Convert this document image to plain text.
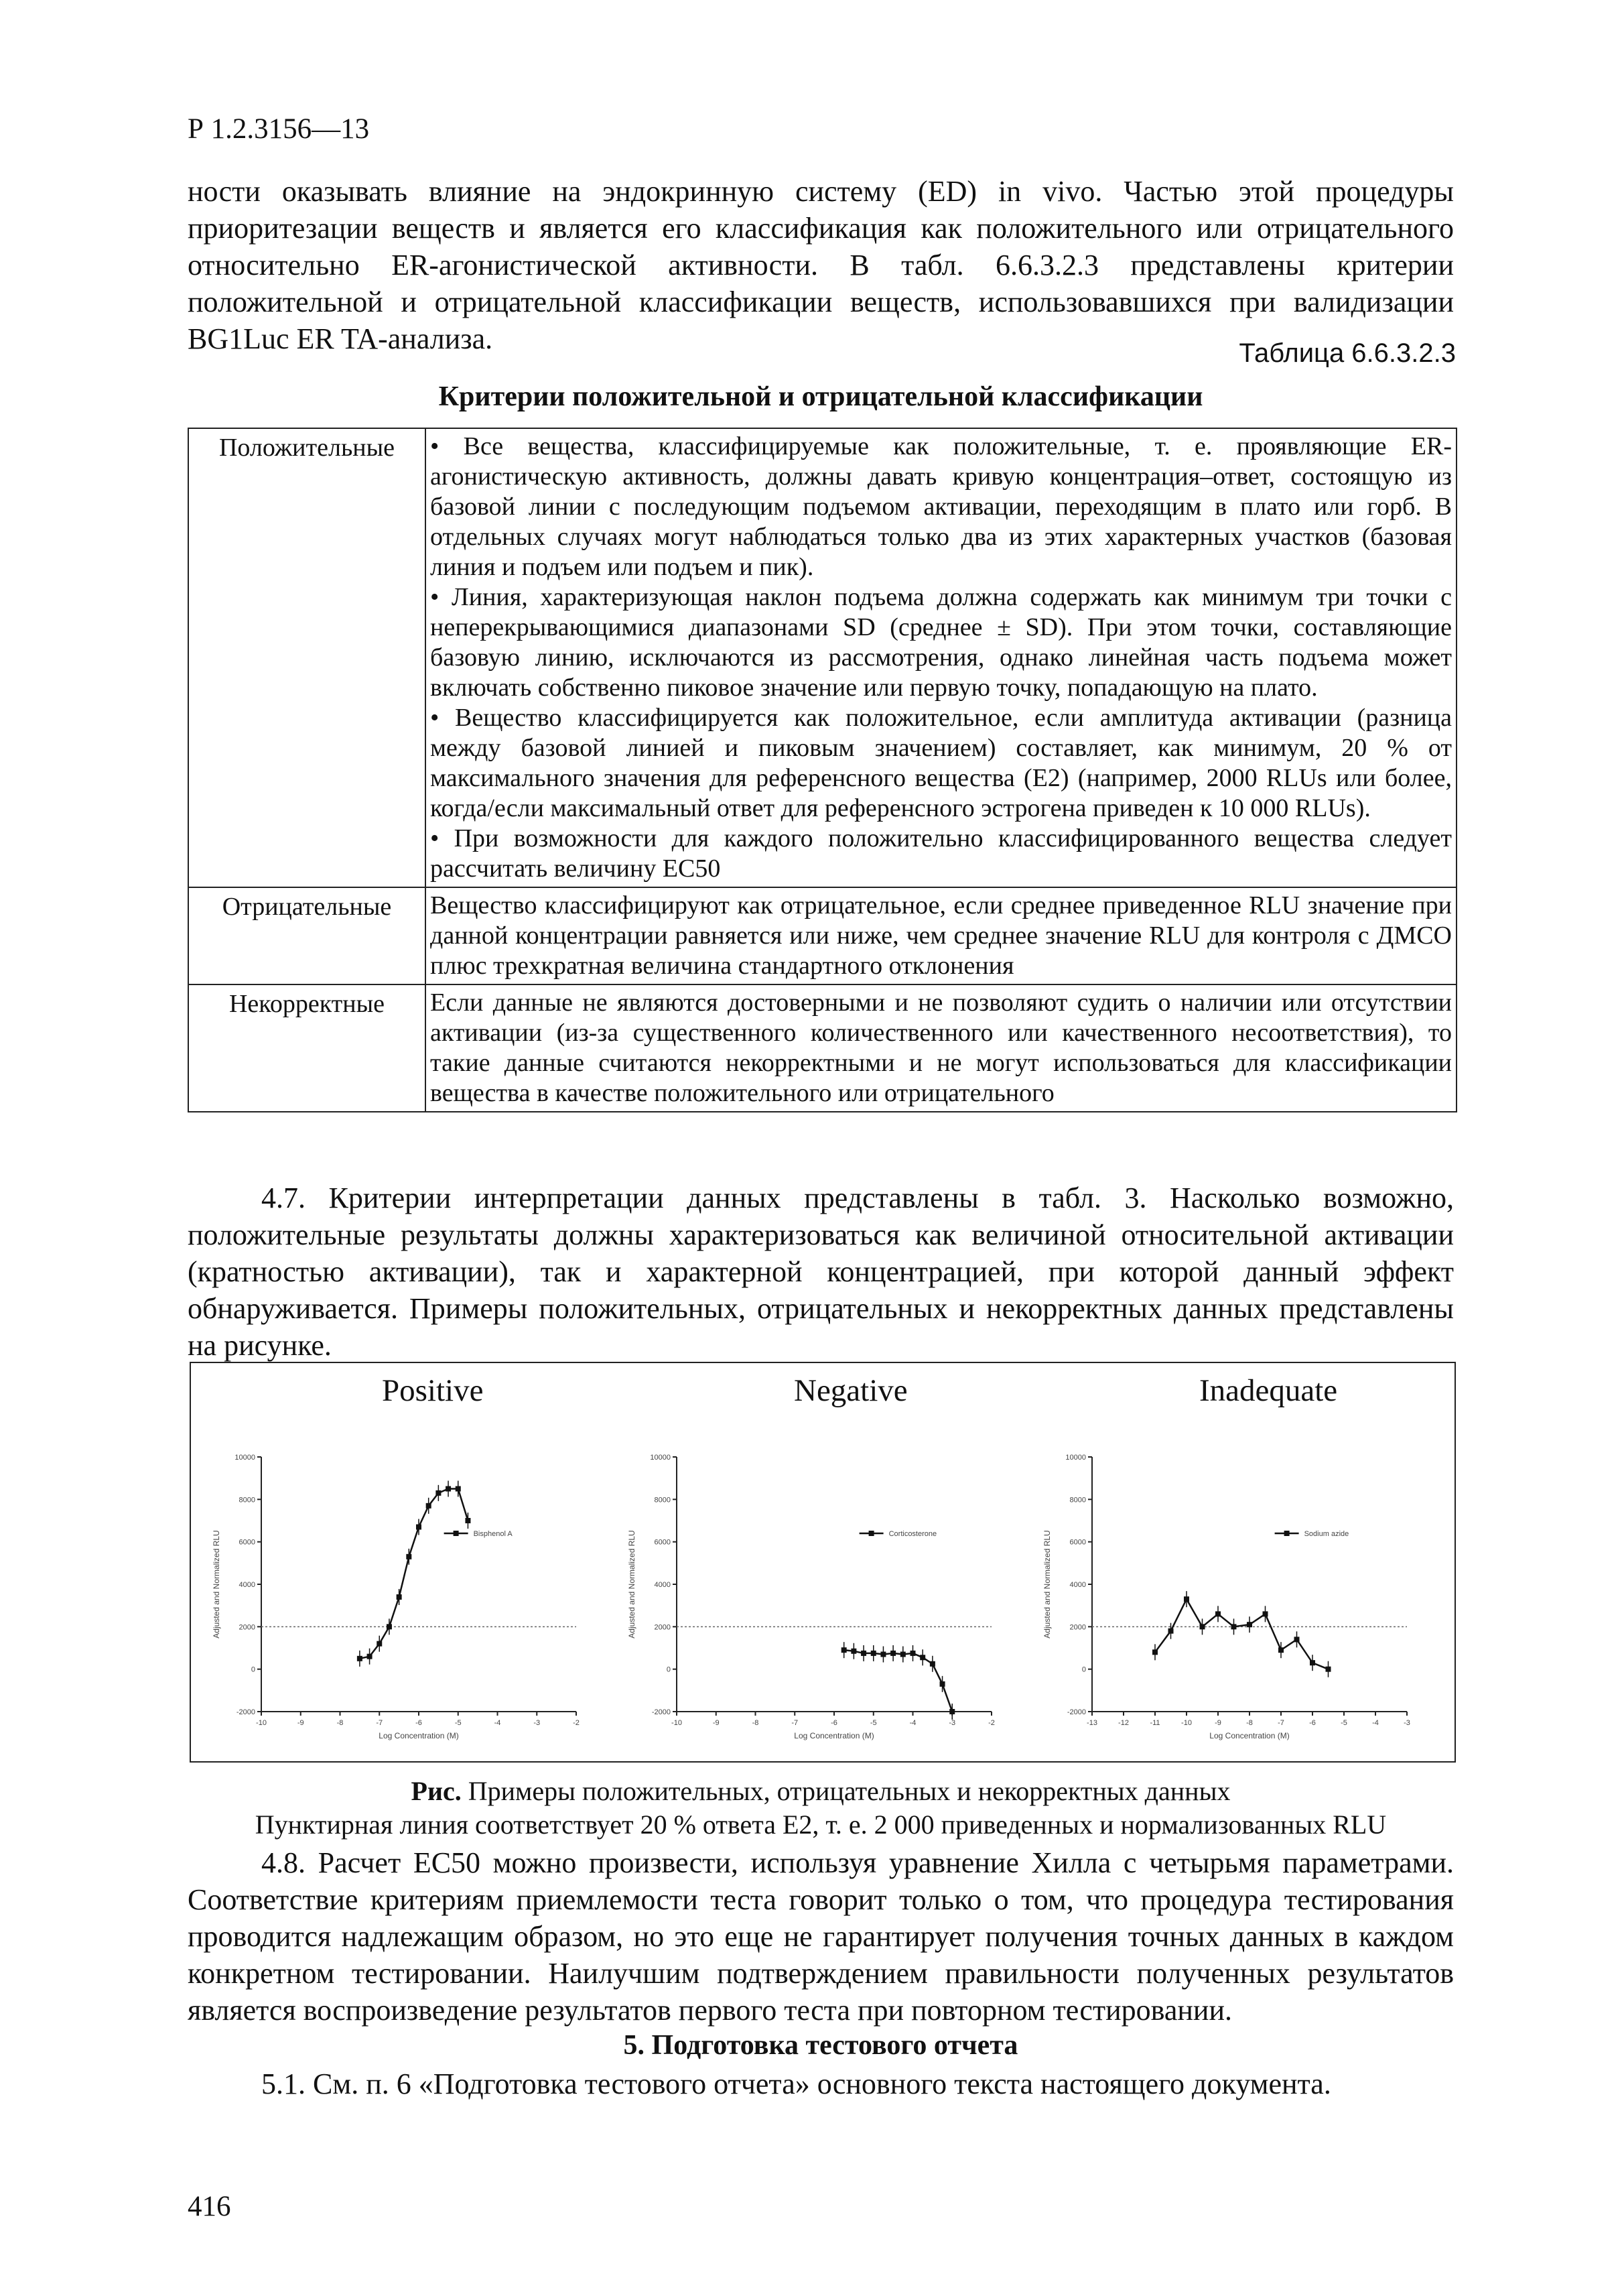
Р 1.2.3156—13

ности оказывать влияние на эндокринную систему (ED) in vivo. Частью этой процедуры приоритезации веществ и является его классификация как положительного или отрицательного относительно ER-агонистической активности. В табл. 6.6.3.2.3 представлены критерии положительной и отрицательной классификации веществ, использовавшихся при валидизации BG1Luc ER TA-анализа.	Таблица 6.6.3.2.3
Критерии положительной и отрицательной классификации
Положительные	• Все вещества, классифицируемые как положительные, т. е. проявляющие ER-агонистическую активность, должны давать кривую концентрация–ответ, состоящую из базовой линии с последующим подъемом активации, переходящим в плато или горб. В отдельных случаях могут наблюдаться только два из этих характерных участков (базовая линия и подъем или подъем и пик).
• Линия, характеризующая наклон подъема должна содержать как минимум три точки с неперекрывающимися диапазонами SD (среднее ± SD). При этом точки, составляющие базовую линию, исключаются из рассмотрения, однако линейная часть подъема может включать собственно пиковое значение или первую точку, попадающую на плато.
• Вещество классифицируется как положительное, если амплитуда активации (разница между базовой линией и пиковым значением) составляет, как минимум, 20 % от максимального значения для референсного вещества (Е2) (например, 2000 RLUs или более, когда/если максимальный ответ для референсного эстрогена приведен к 10 000 RLUs).
• При возможности для каждого положительно классифицированного вещества следует рассчитать величину ЕС50

Отрицательные	Вещество классифицируют как отрицательное, если среднее приведенное RLU значение при данной концентрации равняется или ниже, чем среднее значение RLU для контроля с ДМСО плюс трехкратная величина стандартного отклонения

Некорректные	Если данные не являются достоверными и не позволяют судить о наличии или отсутствии активации (из-за существенного количественного или качественного несоответствия), то такие данные считаются некорректными и не могут использоваться для классификации вещества в качестве положительного или отрицательного

4.7. Критерии интерпретации данных представлены в табл. 3. Насколько возможно, положительные результаты должны характеризоваться как величиной относительной активации (кратностью активации), так и характерной концентрацией, при которой данный эффект обнаруживается. Примеры положительных, отрицательных и некорректных данных представлены на рисунке.

Positive	Negative	Inadequate
-2000
0
2000
4000
6000
8000
10000
-10	-9	-8	-7	-6	-5	-4	-3	-2
Log Concentration (M)
Adjusted and Normalized RLU	Bisphenol A
-2000
0
2000
4000
6000
8000
10000
-10	-9	-8	-7	-6	-5	-4	-3	-2
Log Concentration (M)
Adjusted and Normalized RLU	Corticosterone
-2000
0
2000
4000
6000
8000
10000
-13	-12	-11	-10	-9	-8	-7	-6	-5	-4	-3
Log Concentration (M)
Adjusted and Normalized RLU	Sodium azide
Рис. Примеры положительных, отрицательных и некорректных данных
Пунктирная линия соответствует 20 % ответа Е2, т. е. 2 000 приведенных и нормализованных RLU

4.8. Расчет ЕС50 можно произвести, используя уравнение Хилла с четырьмя параметрами. Соответствие критериям приемлемости теста говорит только о том, что процедура тестирования проводится надлежащим образом, но это еще не гарантирует получения точных данных в каждом конкретном тестировании. Наилучшим подтверждением правильности полученных результатов является воспроизведение результатов первого теста при повторном тестировании.

5. Подготовка тестового отчета

5.1. См. п. 6 «Подготовка тестового отчета» основного текста настоящего документа.

416
